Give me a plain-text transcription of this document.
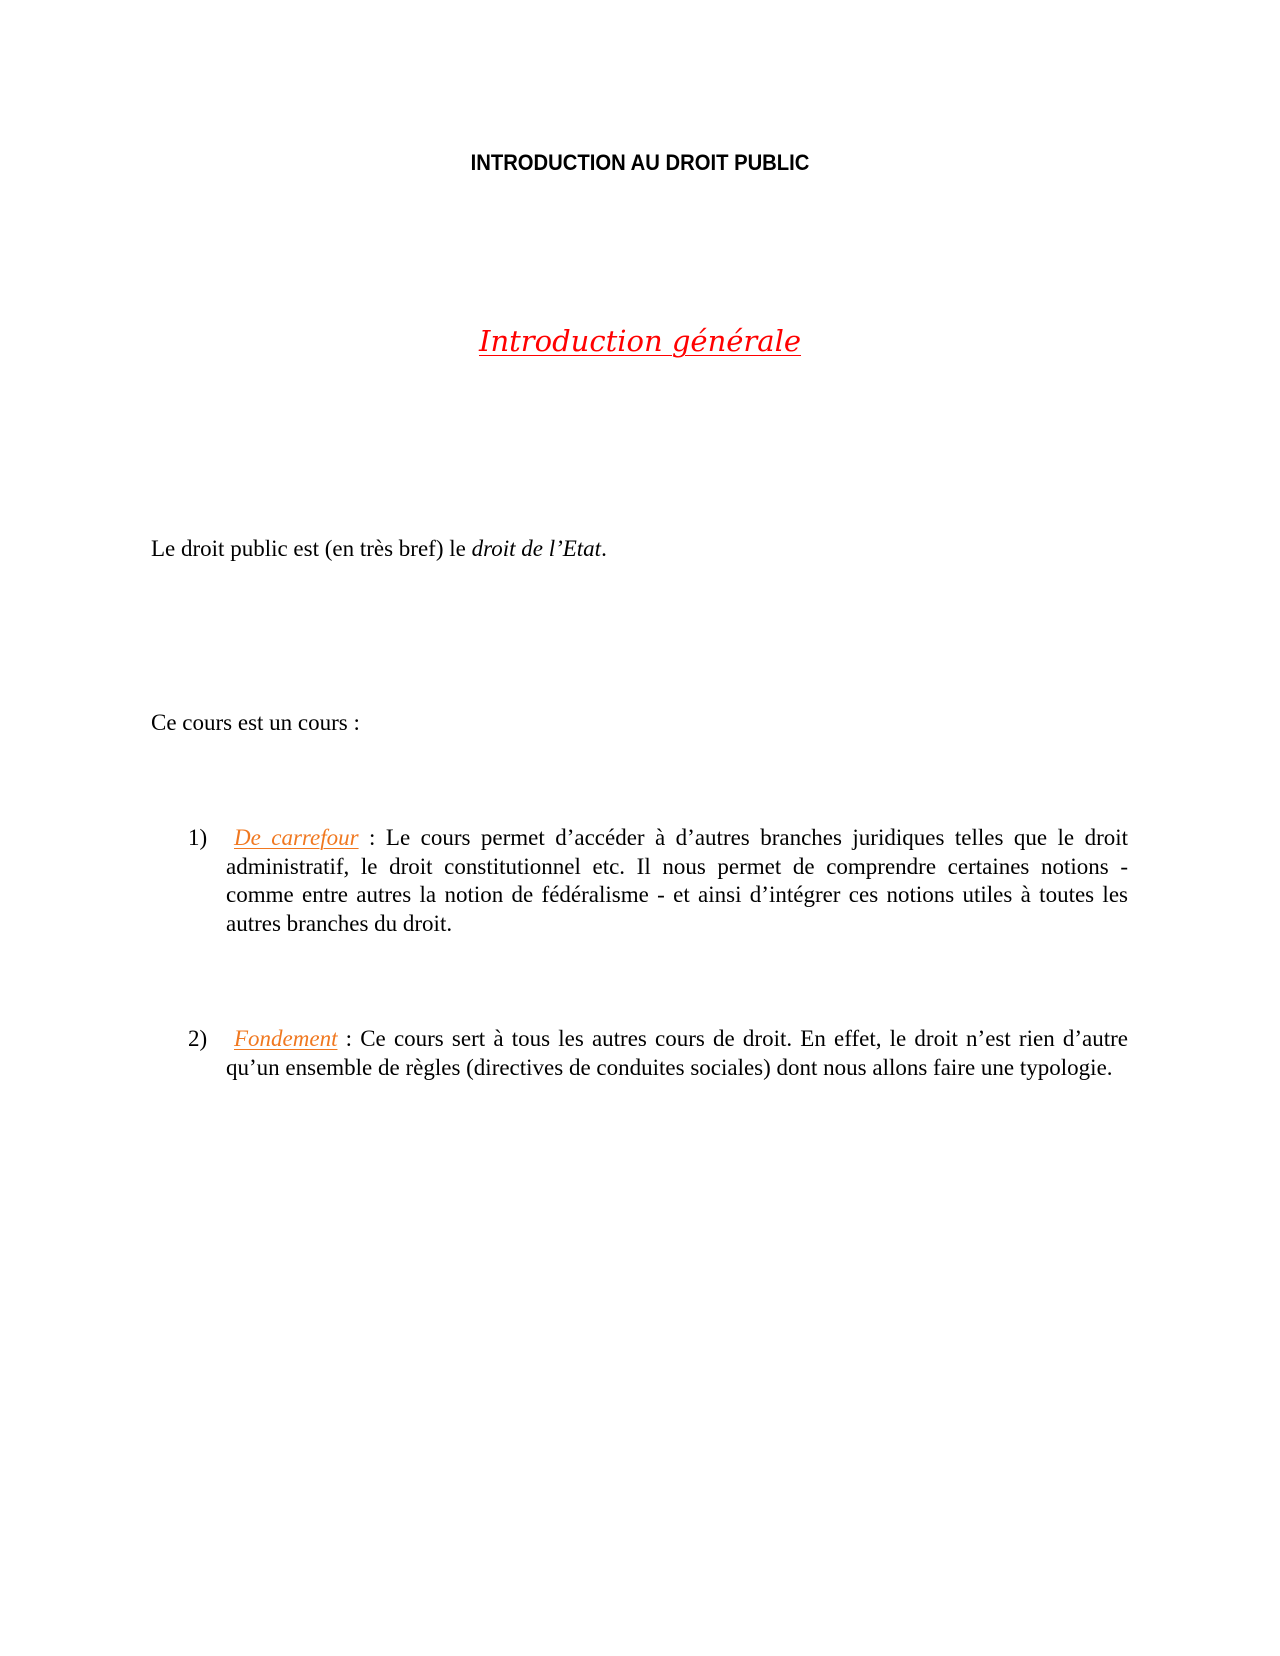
INTRODUCTION AU DROIT PUBLIC
Introduction générale
Le droit public est (en très bref) le droit de l’Etat.
Ce cours est un cours :
1)	De carrefour : Le cours permet d’accéder à d’autres branches juridiques telles que le droit administratif, le droit constitutionnel etc. Il nous permet de comprendre certaines notions - comme entre autres la notion de fédéralisme - et ainsi d’intégrer ces notions utiles à toutes les autres branches du droit.
2)	Fondement : Ce cours sert à tous les autres cours de droit. En effet, le droit n’est rien d’autre qu’un ensemble de règles (directives de conduites sociales) dont nous allons faire une typologie.
